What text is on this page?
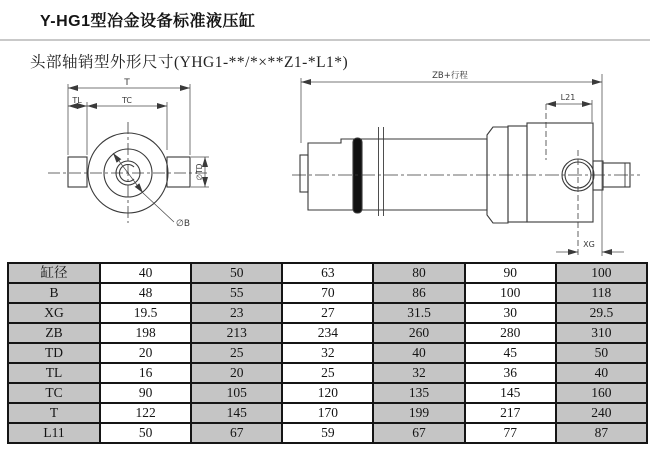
Y-HG1型冶金设备标准液压缸
头部轴销型外形尺寸(YHG1-**/*×**Z1-*L1*)
T
TL	TC
∅TD
∅B
ZB+行程
L21
XG
缸径	40	50	63	80	90	100
B	48	55	70	86	100	118
XG	19.5	23	27	31.5	30	29.5
ZB	198	213	234	260	280	310
TD	20	25	32	40	45	50
TL	16	20	25	32	36	40
TC	90	105	120	135	145	160
T	122	145	170	199	217	240
L11	50	67	59	67	77	87
